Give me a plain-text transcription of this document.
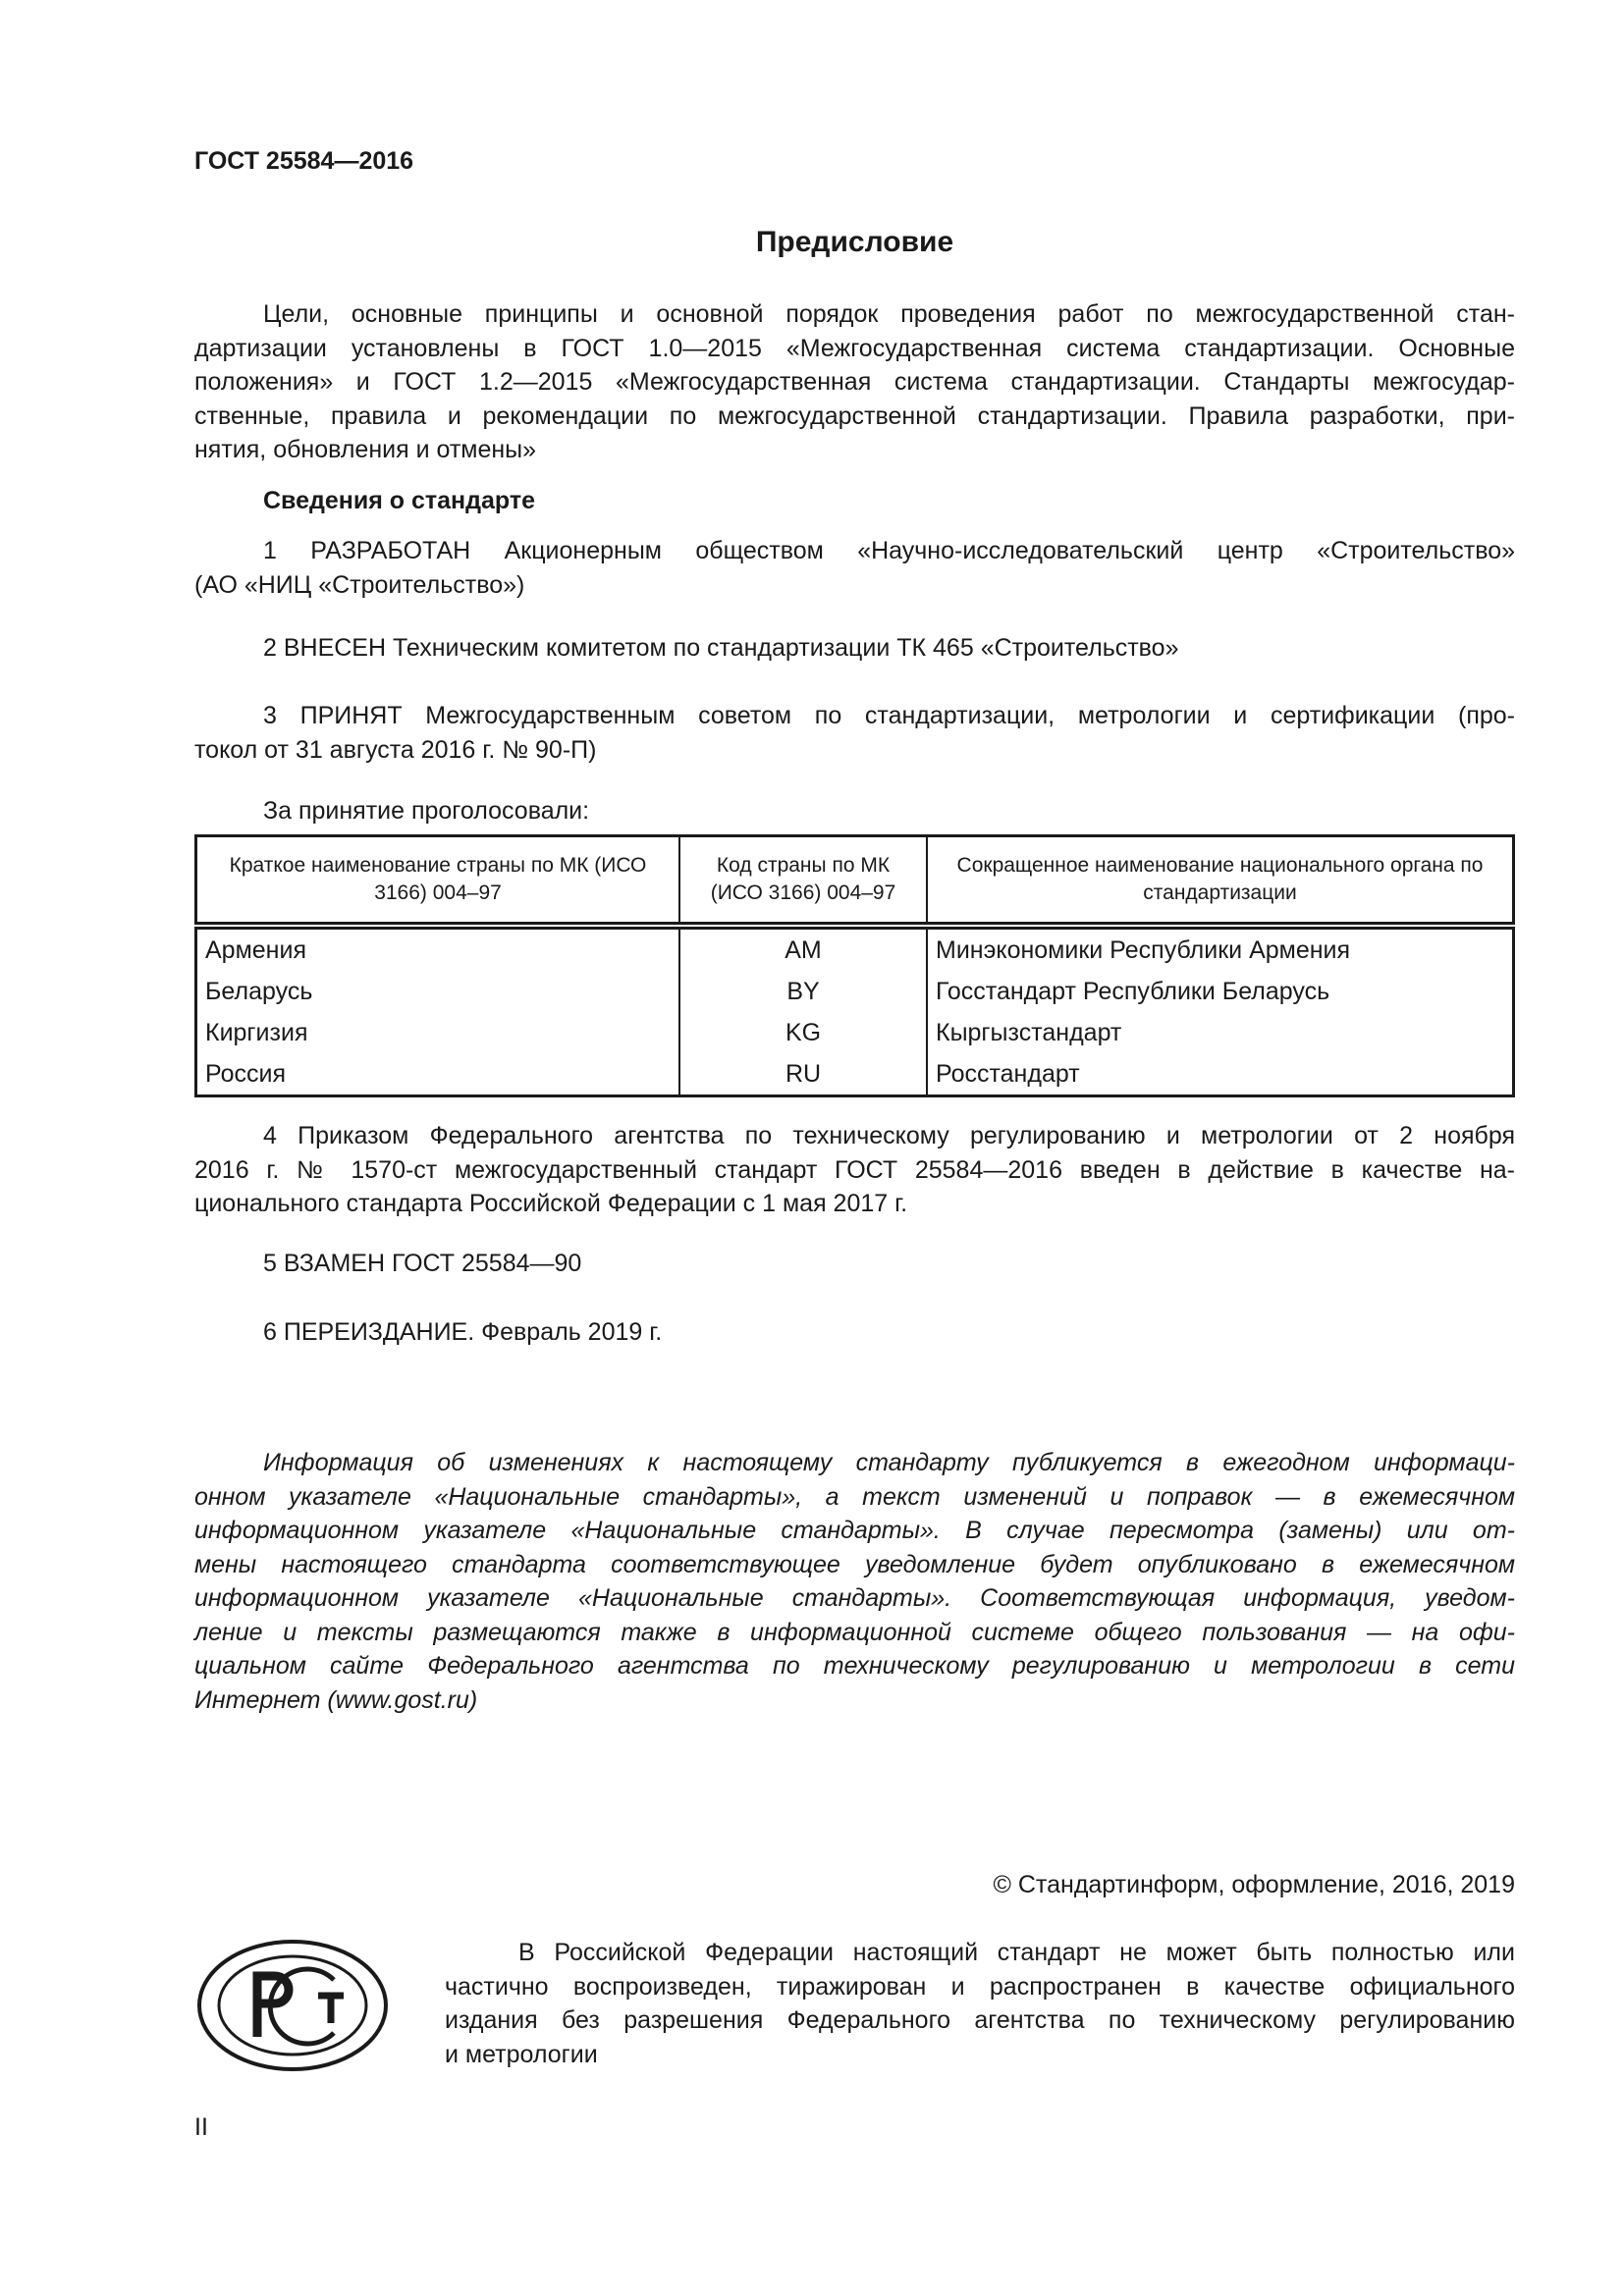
ГОСТ 25584—2016
Предисловие
Цели, основные принципы и основной порядок проведения работ по межгосударственной стан-
дартизации установлены в ГОСТ 1.0—2015 «Межгосударственная система стандартизации. Основные
положения» и ГОСТ 1.2—2015 «Межгосударственная система стандартизации. Стандарты межгосудар-
ственные, правила и рекомендации по межгосударственной стандартизации. Правила разработки, при-
нятия, обновления и отмены»
Сведения о стандарте
1 РАЗРАБОТАН Акционерным обществом «Научно-исследовательский центр «Строительство»
(АО «НИЦ «Строительство»)
2 ВНЕСЕН Техническим комитетом по стандартизации ТК 465 «Строительство»
3 ПРИНЯТ Межгосударственным советом по стандартизации, метрологии и сертификации (про-
токол от 31 августа 2016 г. № 90-П)
За принятие проголосовали:
Краткое наименование страны по МК (ИСО 3166) 004–97	Код страны по МК (ИСО 3166) 004–97	Сокращенное наименование национального органа по стандартизации
Армения	AM	Минэкономики Республики Армения
Беларусь	BY	Госстандарт Республики Беларусь
Киргизия	KG	Кыргызстандарт
Россия	RU	Росстандарт
4 Приказом Федерального агентства по техническому регулированию и метрологии от 2 ноября
2016 г. № 1570-ст межгосударственный стандарт ГОСТ 25584—2016 введен в действие в качестве на-
ционального стандарта Российской Федерации с 1 мая 2017 г.
5 ВЗАМЕН ГОСТ 25584—90
6 ПЕРЕИЗДАНИЕ. Февраль 2019 г.
Информация об изменениях к настоящему стандарту публикуется в ежегодном информаци-
онном указателе «Национальные стандарты», а текст изменений и поправок — в ежемесячном
информационном указателе «Национальные стандарты». В случае пересмотра (замены) или от-
мены настоящего стандарта соответствующее уведомление будет опубликовано в ежемесячном
информационном указателе «Национальные стандарты». Соответствующая информация, уведом-
ление и тексты размещаются также в информационной системе общего пользования — на офи-
циальном сайте Федерального агентства по техническому регулированию и метрологии в сети
Интернет (www.gost.ru)
© Стандартинформ, оформление, 2016, 2019
В Российской Федерации настоящий стандарт не может быть полностью или
частично воспроизведен, тиражирован и распространен в качестве официального
издания без разрешения Федерального агентства по техническому регулированию
и метрологии
II
